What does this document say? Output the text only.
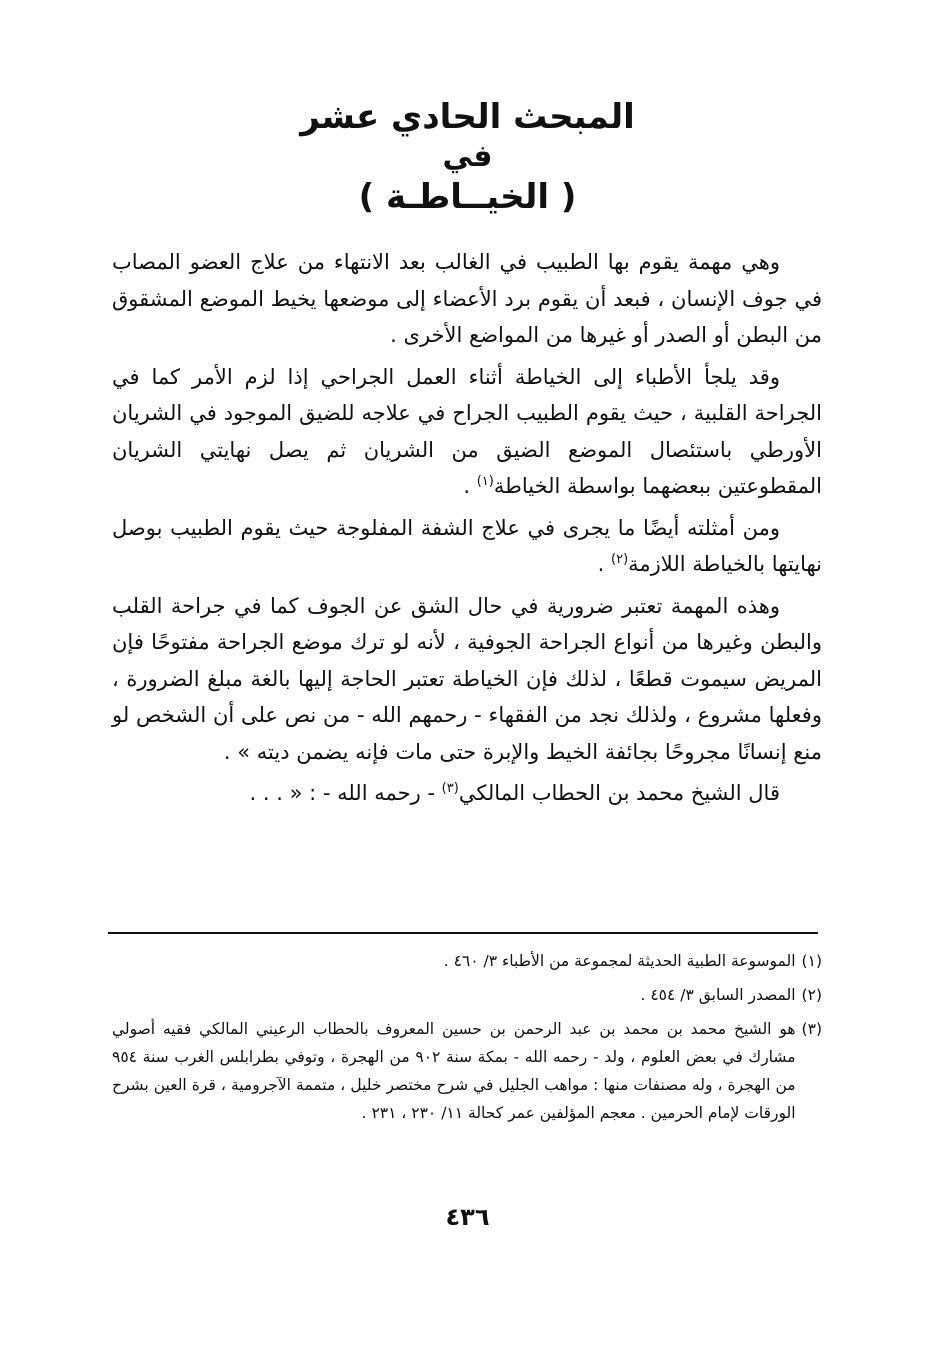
المبحث الحادي عشر
في
( الخيــاطـة )

وهي مهمة يقوم بها الطبيب في الغالب بعد الانتهاء من علاج العضو المصاب في جوف الإنسان ، فبعد أن يقوم برد الأعضاء إلى موضعها يخيط الموضع المشقوق من البطن أو الصدر أو غيرها من المواضع الأخرى .

وقد يلجأ الأطباء إلى الخياطة أثناء العمل الجراحي إذا لزم الأمر كما في الجراحة القلبية ، حيث يقوم الطبيب الجراح في علاجه للضيق الموجود في الشريان الأورطي باستئصال الموضع الضيق من الشريان ثم يصل نهايتي الشريان المقطوعتين ببعضهما بواسطة الخياطة$^{(١)}$ .

ومن أمثلته أيضًا ما يجرى في علاج الشفة المفلوجة حيث يقوم الطبيب بوصل نهايتها بالخياطة اللازمة$^{(٢)}$ .

وهذه المهمة تعتبر ضرورية في حال الشق عن الجوف كما في جراحة القلب والبطن وغيرها من أنواع الجراحة الجوفية ، لأنه لو ترك موضع الجراحة مفتوحًا فإن المريض سيموت قطعًا ، لذلك فإن الخياطة تعتبر الحاجة إليها بالغة مبلغ الضرورة ، وفعلها مشروع ، ولذلك نجد من الفقهاء - رحمهم الله - من نص على أن الشخص لو منع إنسانًا مجروحًا بجائفة الخيط والإبرة حتى مات فإنه يضمن ديته » .

قال الشيخ محمد بن الحطاب المالكي$^{(٣)}$ - رحمه الله - : « . . .

(١)
الموسوعة الطبية الحديثة لمجموعة من الأطباء ٣/ ٤٦٠ .
(٢)
المصدر السابق ٣/ ٤٥٤ .
(٣)
هو الشيخ محمد بن محمد بن عبد الرحمن بن حسين المعروف بالحطاب الرعيني المالكي فقيه أصولي مشارك في بعض العلوم ، ولد - رحمه الله - بمكة سنة ٩٠٢ من الهجرة ، وتوفي بطرابلس الغرب سنة ٩٥٤ من الهجرة ، وله مصنفات منها : مواهب الجليل في شرح مختصر خليل ، متممة الآجرومية ، قرة العين بشرح الورقات لإمام الحرمين . معجم المؤلفين عمر كحالة ١١/ ٢٣٠ ، ٢٣١ .
٤٣٦
